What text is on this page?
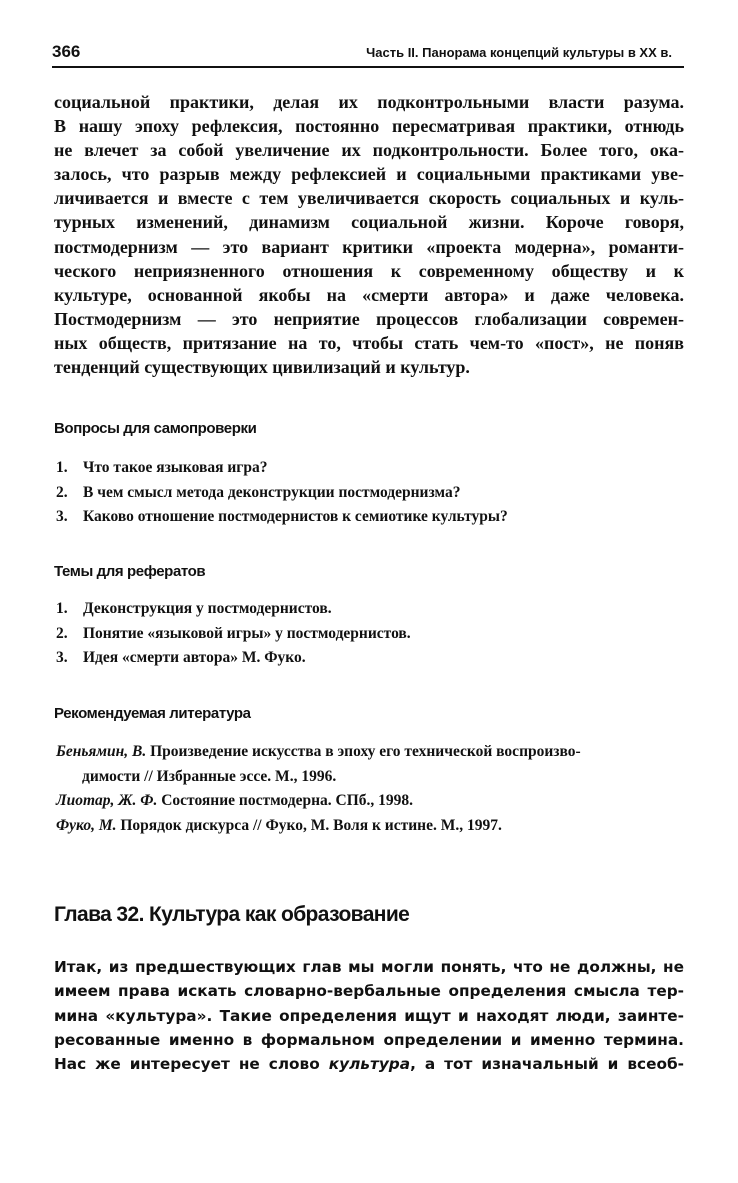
366	Часть II. Панорама концепций культуры в XX в.
социальной практики, делая их подконтрольными власти разума.
В нашу эпоху рефлексия, постоянно пересматривая практики, отнюдь
не влечет за собой увеличение их подконтрольности. Более того, ока-
залось, что разрыв между рефлексией и социальными практиками уве-
личивается и вместе с тем увеличивается скорость социальных и куль-
турных изменений, динамизм социальной жизни. Короче говоря,
постмодернизм — это вариант критики «проекта модерна», романти-
ческого неприязненного отношения к современному обществу и к
культуре, основанной якобы на «смерти автора» и даже человека.
Постмодернизм — это неприятие процессов глобализации современ-
ных обществ, притязание на то, чтобы стать чем-то «пост», не поняв
тенденций существующих цивилизаций и культур.
Вопросы для самопроверки
1. Что такое языковая игра?
2. В чем смысл метода деконструкции постмодернизма?
3. Каково отношение постмодернистов к семиотике культуры?
Темы для рефератов
1. Деконструкция у постмодернистов.
2. Понятие «языковой игры» у постмодернистов.
3. Идея «смерти автора» М. Фуко.
Рекомендуемая литература
Беньямин, В. Произведение искусства в эпоху его технической воспроизво-
димости // Избранные эссе. М., 1996.
Лиотар, Ж. Ф. Состояние постмодерна. СПб., 1998.
Фуко, М. Порядок дискурса // Фуко, М. Воля к истине. М., 1997.
Глава 32. Культура как образование
Итак, из предшествующих глав мы могли понять, что не должны, не
имеем права искать словарно-вербальные определения смысла тер-
мина «культура». Такие определения ищут и находят люди, заинте-
ресованные именно в формальном определении и именно термина.
Нас же интересует не слово культура, а тот изначальный и всеоб-
